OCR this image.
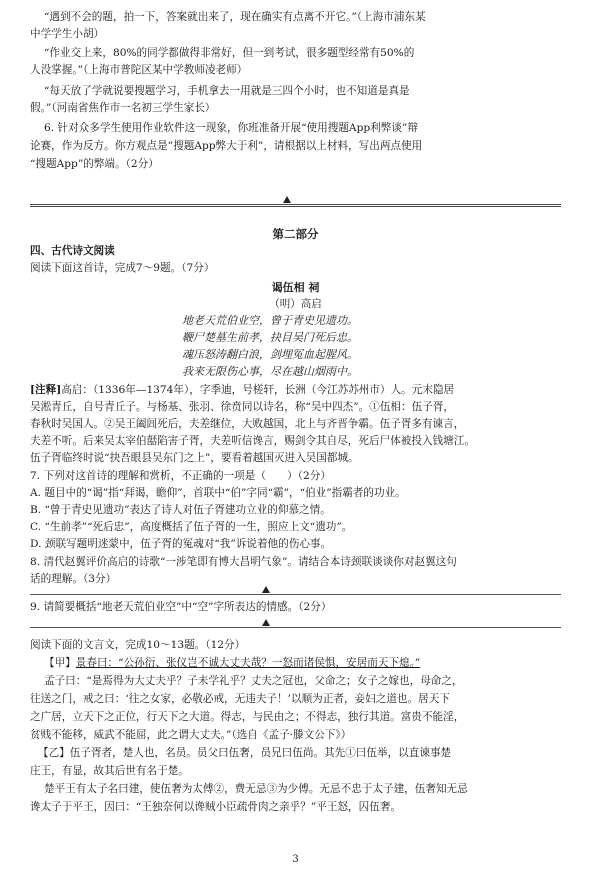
“遇到不会的题，拍一下，答案就出来了，现在确实有点离不开它。”（上海市浦东某
中学学生小胡）
“作业交上来，80%的同学都做得非常好，但一到考试，很多题型经常有50%的
人没掌握。”（上海市普陀区某中学教师凌老师）
“每天放了学就说要搜题学习，手机拿去一用就是三四个小时，也不知道是真是
假。”（河南省焦作市一名初三学生家长）
6. 针对众多学生使用作业软件这一现象，你班准备开展“使用搜题App利弊谈”辩
论赛，作为反方。你方观点是”搜题App弊大于利”，请根据以上材料，写出两点使用
“搜题App”的弊端。（2分）
第二部分
四、古代诗文阅读
阅读下面这首诗，完成7～9题。（7分）
谒伍相 祠
（明）高启
地老天荒伯业空，曾于青史见遗功。
鞭尸楚墓生前孝，抉目吴门死后忠。
魂压怒涛翻白浪，剑埋冤血起腥风。
我来无限伤心事，尽在越山烟雨中。
[注释]高启：（1336年—1374年），字季迪，号槎轩，长洲（今江苏苏州市）人。元末隐居
吴淞青丘，自号青丘子。与杨基、张羽、徐贲同以诗名，称“吴中四杰”。①伍相：伍子胥，
春秋时吴国人。②吴王阖闾死后，夫差继位，大败越国，北上与齐晋争霸。伍子胥多有谏言，
夫差不听。后来吴太宰伯嚭陷害子胥，夫差听信谗言，赐剑令其自尽，死后尸体被投入钱塘江。
伍子胥临终时说“抉吾眼县吴东门之上”，要看着越国灭进入吴国都城。
7. 下列对这首诗的理解和赏析，不正确的一项是（　　）（2分）
A. 题目中的“谒”指“拜谒，瞻仰”，首联中“伯”字同“霸”，“伯业”指霸者的功业。
B. “曾于青史见遗功”表达了诗人对伍子胥建功立业的仰慕之情。
C. “生前孝”“死后忠”，高度概括了伍子胥的一生，照应上文“遗功”。
D. 颈联写题明迷蒙中，伍子胥的冤魂对“我”诉说着他的伤心事。
8. 清代赵翼评价高启的诗歌“一涉笔即有博大昌明气象”。请结合本诗颈联谈谈你对赵翼这句
话的理解。（3分）
9. 请简要概括“地老天荒伯业空”中“空”字所表达的情感。（2分）
阅读下面的文言文，完成10～13题。（12分）
【甲】景春曰：“公孙衍、张仪岂不诚大丈夫哉？一怒而诸侯惧，安居而天下熄。”
孟子曰：“是焉得为大丈夫乎？子未学礼乎？丈夫之冠也，父命之；女子之嫁也，母命之，
往送之门，戒之曰：‘往之女家，必敬必戒，无违夫子！’以顺为正者，妾妇之道也。居天下
之广居，立天下之正位，行天下之大道。得志，与民由之；不得志，独行其道。富贵不能淫，
贫贱不能移，威武不能屈，此之谓大丈夫。”（选自《孟子·滕文公下》）
【乙】伍子胥者，楚人也，名员。员父曰伍奢，员兄曰伍尚。其先①曰伍举，以直谏事楚
庄王，有显，故其后世有名于楚。
楚平王有太子名曰建，使伍奢为太傅②，费无忌③为少傅。无忌不忠于太子建，伍奢知无忌
谗太子于平王，因曰：“王独奈何以谗贼小臣疏骨肉之亲乎？”平王怒，囚伍奢。
3
